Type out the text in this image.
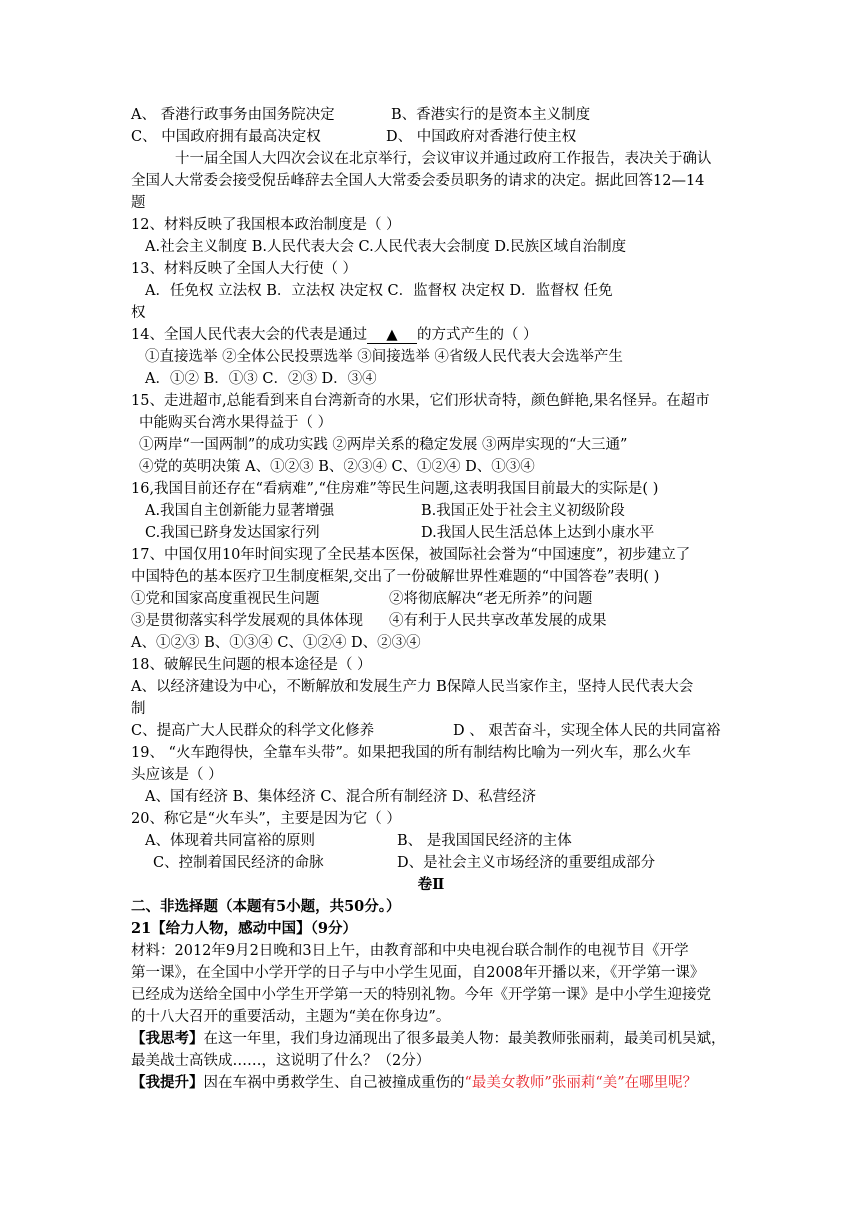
A、 香港行政事务由国务院决定	B、香港实行的是资本主义制度
C、 中国政府拥有最高决定权	D、 中国政府对香港行使主权
十一届全国人大四次会议在北京举行，会议审议并通过政府工作报告，表决关于确认
全国人大常委会接受倪岳峰辞去全国人大常委会委员职务的请求的决定。据此回答12—14
题
12、材料反映了我国根本政治制度是（ ）
A.社会主义制度 B.人民代表大会 C.人民代表大会制度 D.民族区域自治制度
13、材料反映了全国人大行使（ ）
A．任免权 立法权 B．立法权 决定权 C．监督权 决定权 D．监督权 任免
权
14、全国人民代表大会的代表是通过 ▲ 的方式产生的（ ）
①直接选举 ②全体公民投票选举 ③间接选举 ④省级人民代表大会选举产生
A．①② B．①③ C．②③ D．③④
15、走进超市,总能看到来自台湾新奇的水果，它们形状奇特，颜色鲜艳,果名怪异。在超市
中能购买台湾水果得益于（ ）
①两岸“一国两制”的成功实践 ②两岸关系的稳定发展 ③两岸实现的“大三通”
④党的英明决策 A、①②③ B、②③④ C、①②④ D、①③④
16,我国目前还存在“看病难”,“住房难”等民生问题,这表明我国目前最大的实际是( )
A.我国自主创新能力显著增强	B.我国正处于社会主义初级阶段
C.我国已跻身发达国家行列	D.我国人民生活总体上达到小康水平
17、中国仅用10年时间实现了全民基本医保，被国际社会誉为“中国速度”，初步建立了
中国特色的基本医疗卫生制度框架,交出了一份破解世界性难题的“中国答卷”表明( )
①党和国家高度重视民生问题	②将彻底解决“老无所养”的问题
③是贯彻落实科学发展观的具体体现 ④有利于人民共享改革发展的成果
A、①②③ B、①③④ C、①②④ D、②③④
18、破解民生问题的根本途径是（ ）
A、以经济建设为中心，不断解放和发展生产力 B保障人民当家作主，坚持人民代表大会
制
C、提高广大人民群众的科学文化修养	D 、 艰苦奋斗，实现全体人民的共同富裕
19、 “火车跑得快，全靠车头带”。如果把我国的所有制结构比喻为一列火车，那么火车
头应该是（ ）
A、国有经济 B、集体经济 C、混合所有制经济 D、私营经济
20、称它是“火车头”，主要是因为它（ ）
A、体现着共同富裕的原则	B、 是我国国民经济的主体
C、控制着国民经济的命脉	D、是社会主义市场经济的重要组成部分
卷Ⅱ
二、非选择题（本题有5小题，共50分。）
21【给力人物，感动中国】（9分）
材料：2012年9月2日晚和3日上午，由教育部和中央电视台联合制作的电视节目《开学
第一课》，在全国中小学开学的日子与中小学生见面，自2008年开播以来，《开学第一课》
已经成为送给全国中小学生开学第一天的特别礼物。今年《开学第一课》是中小学生迎接党
的十八大召开的重要活动，主题为“美在你身边”。
【我思考】在这一年里，我们身边涌现出了很多最美人物：最美教师张丽莉，最美司机吴斌，
最美战士高铁成……，这说明了什么？（2分）
【我提升】因在车祸中勇救学生、自己被撞成重伤的“最美女教师”张丽莉“美”在哪里呢？
